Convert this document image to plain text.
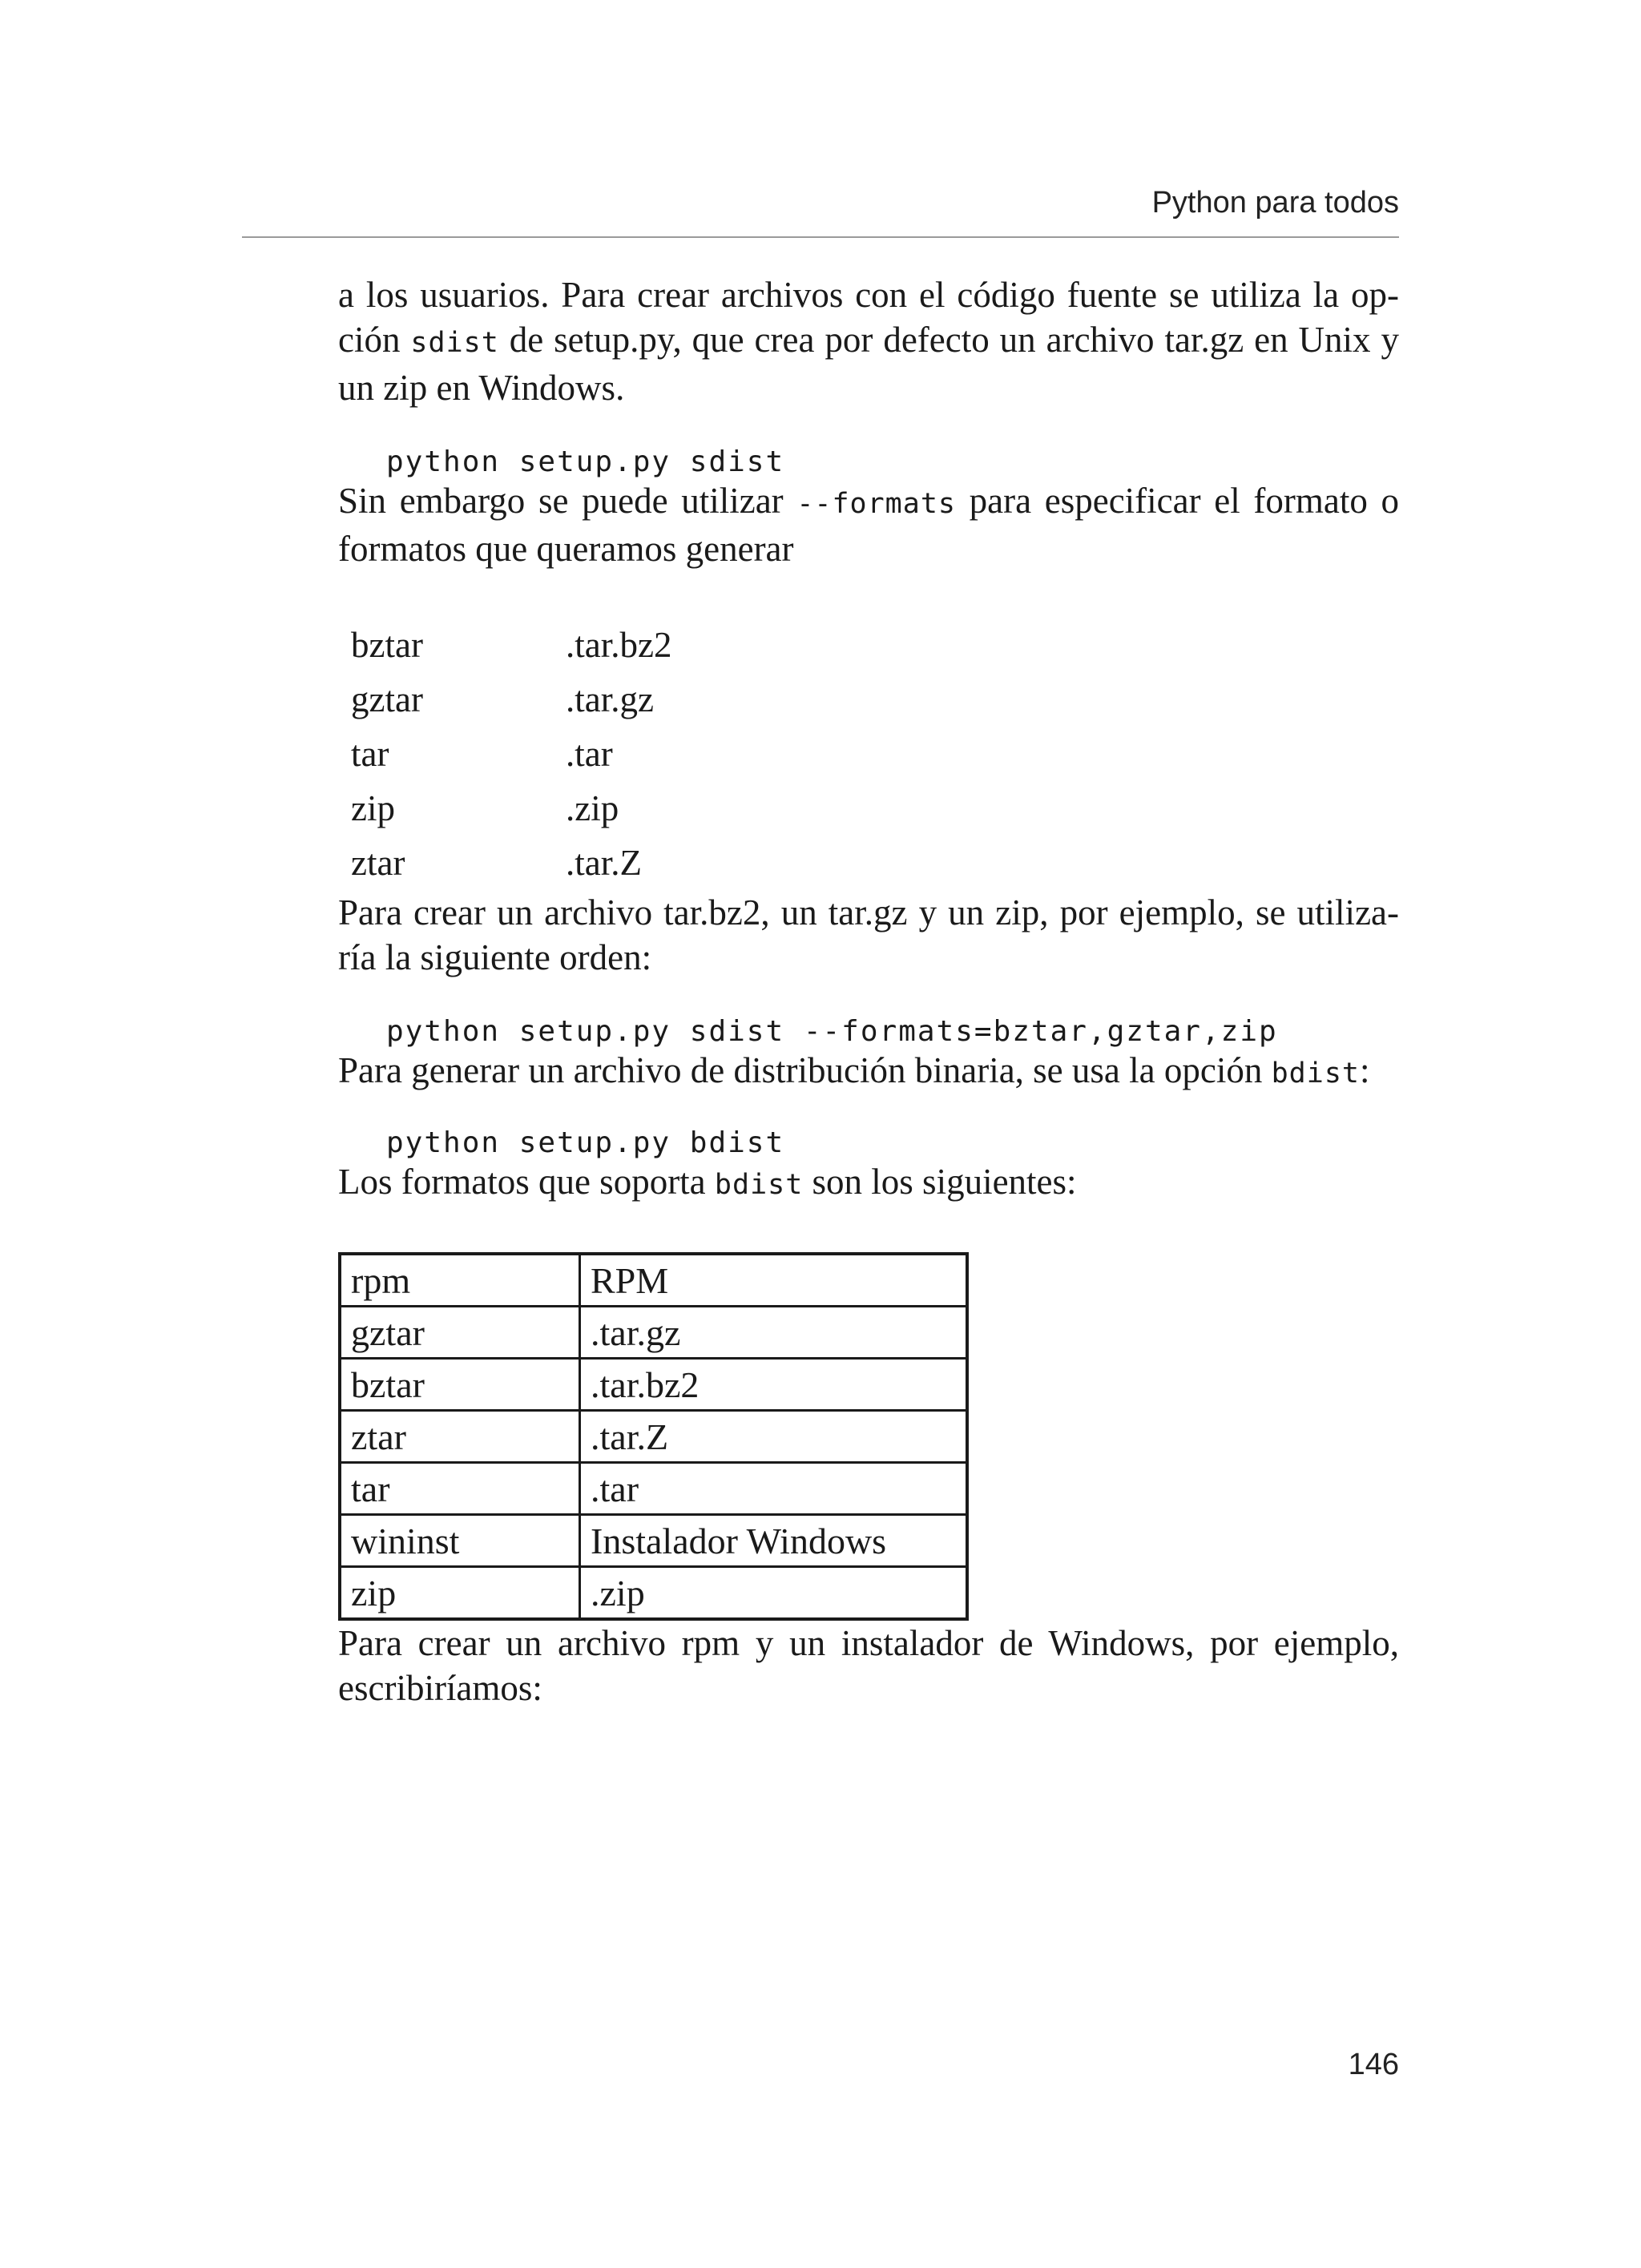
Python para todos

a los usuarios. Para crear archivos con el código fuente se utiliza la op-ción sdist de setup.py, que crea por defecto un archivo tar.gz en Unix y un zip en Windows.

python setup.py sdist

Sin embargo se puede utilizar --formats para especificar el formato o formatos que queramos generar

bztar	.tar.bz2
gztar	.tar.gz
tar	.tar
zip	.zip
ztar	.tar.Z

Para crear un archivo tar.bz2, un tar.gz y un zip, por ejemplo, se utiliza-ría la siguiente orden:

python setup.py sdist --formats=bztar,gztar,zip

Para generar un archivo de distribución binaria, se usa la opción bdist:

python setup.py bdist

Los formatos que soporta bdist son los siguientes:

rpm	RPM
gztar	.tar.gz
bztar	.tar.bz2
ztar	.tar.Z
tar	.tar
wininst	Instalador Windows
zip	.zip

Para crear un archivo rpm y un instalador de Windows, por ejemplo, escribiríamos:

146
